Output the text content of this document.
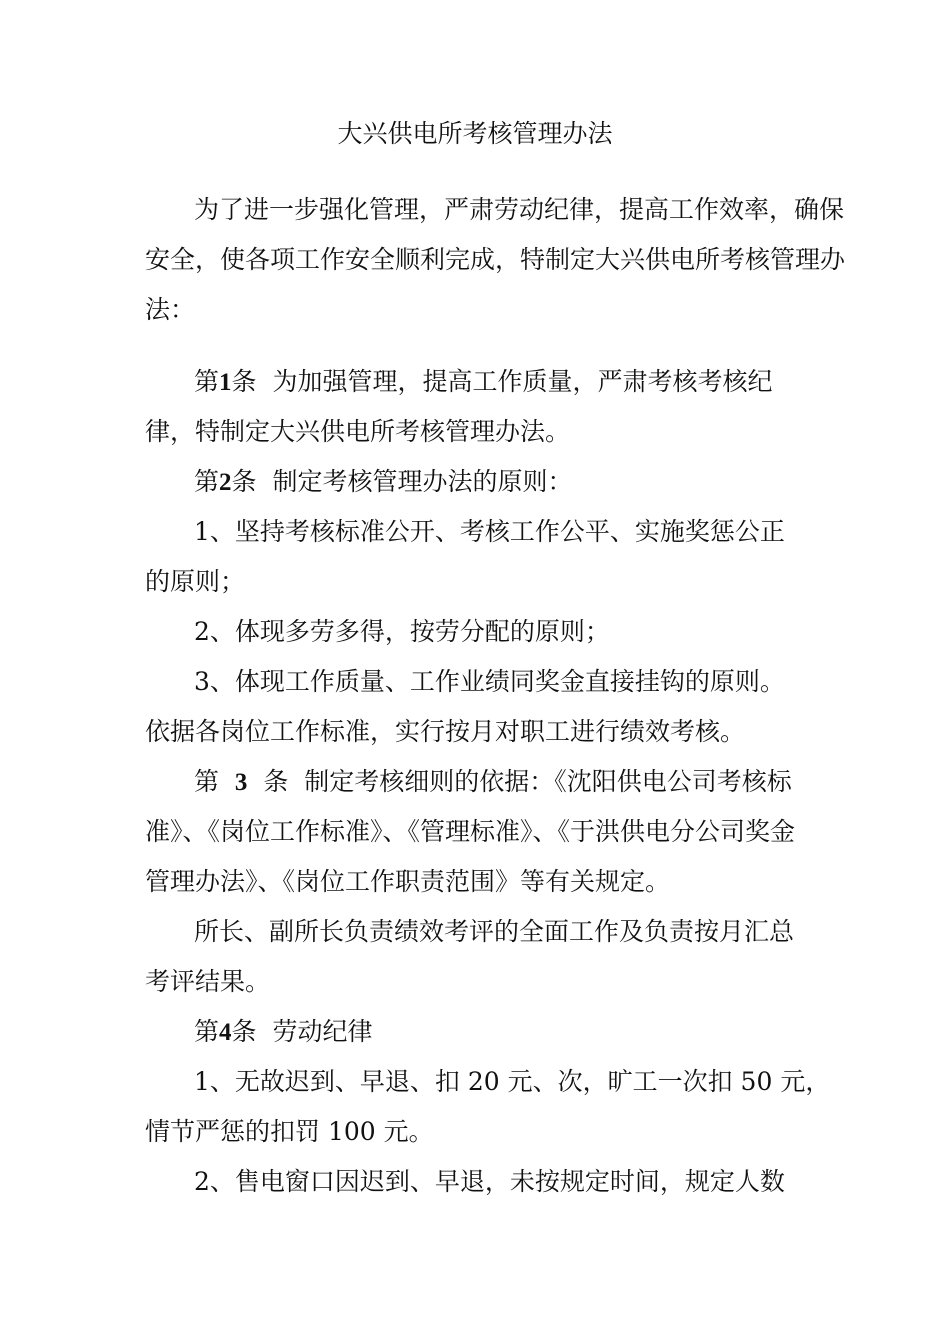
大兴供电所考核管理办法
为了进一步强化管理，严肃劳动纪律，提高工作效率，确保
安全，使各项工作安全顺利完成，特制定大兴供电所考核管理办
法：
第1条 为加强管理，提高工作质量，严肃考核考核纪
律，特制定大兴供电所考核管理办法。
第2条 制定考核管理办法的原则：
1、坚持考核标准公开、考核工作公平、实施奖惩公正
的原则；
2、体现多劳多得，按劳分配的原则；
3、体现工作质量、工作业绩同奖金直接挂钩的原则。
依据各岗位工作标准，实行按月对职工进行绩效考核。
第 3 条 制定考核细则的依据：《沈阳供电公司考核标
准》、《岗位工作标准》、《管理标准》、《于洪供电分公司奖金
管理办法》、《岗位工作职责范围》等有关规定。
所长、副所长负责绩效考评的全面工作及负责按月汇总
考评结果。
第4条 劳动纪律
1、无故迟到、早退、扣 20 元、次，旷工一次扣 50 元，
情节严惩的扣罚 100 元。
2、售电窗口因迟到、早退，未按规定时间，规定人数
